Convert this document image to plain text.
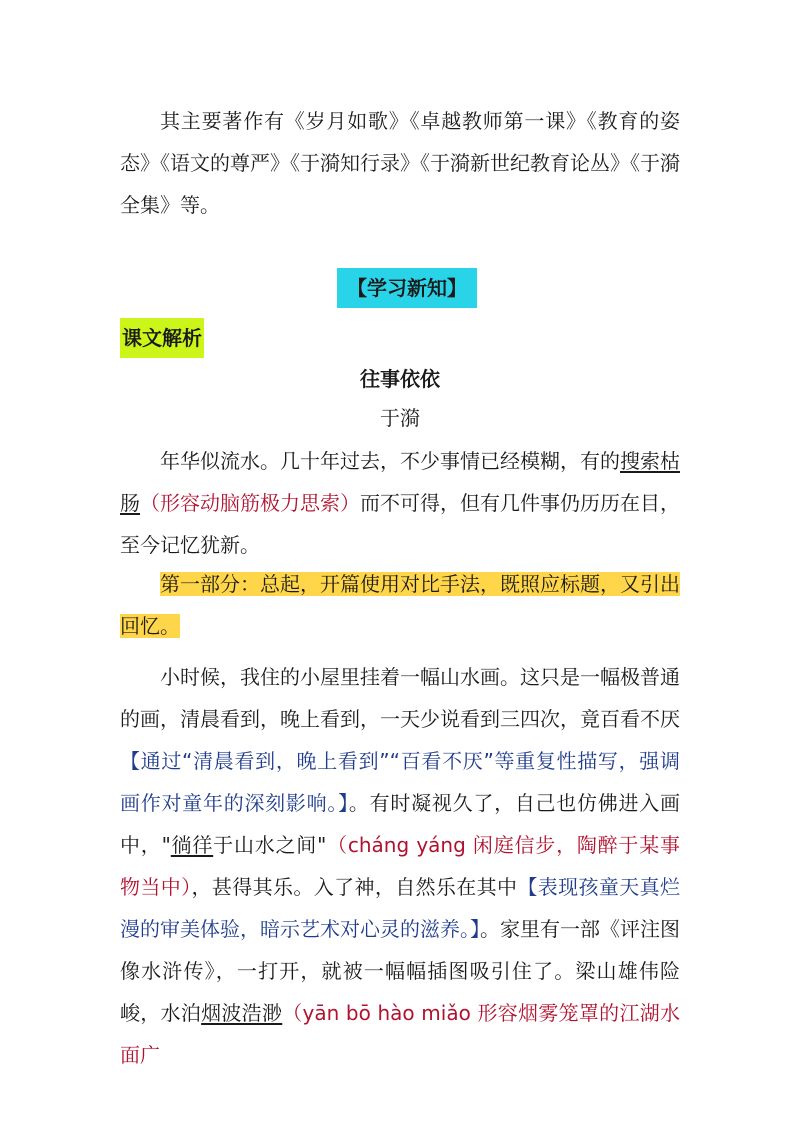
其主要著作有《岁月如歌》《卓越教师第一课》《教育的姿态》《语文的尊严》《于漪知行录》《于漪新世纪教育论丛》《于漪全集》等。

【学习新知】
课文解析
往事依依
于漪

年华似流水。几十年过去，不少事情已经模糊，有的搜索枯肠（形容动脑筋极力思索）而不可得，但有几件事仍历历在目，至今记忆犹新。

第一部分：总起，开篇使用对比手法，既照应标题，又引出回忆。

小时候，我住的小屋里挂着一幅山水画。这只是一幅极普通的画，清晨看到，晚上看到，一天少说看到三四次，竟百看不厌【通过“清晨看到，晚上看到”“百看不厌”等重复性描写，强调画作对童年的深刻影响。】。有时凝视久了，自己也仿佛进入画中，"徜徉于山水之间"（cháng yáng 闲庭信步，陶醉于某事物当中），甚得其乐。入了神，自然乐在其中【表现孩童天真烂漫的审美体验，暗示艺术对心灵的滋养。】。家里有一部《评注图像水浒传》，一打开，就被一幅幅插图吸引住了。梁山雄伟险峻，水泊烟波浩渺（yān bō hào miǎo 形容烟雾笼罩的江湖水面广
